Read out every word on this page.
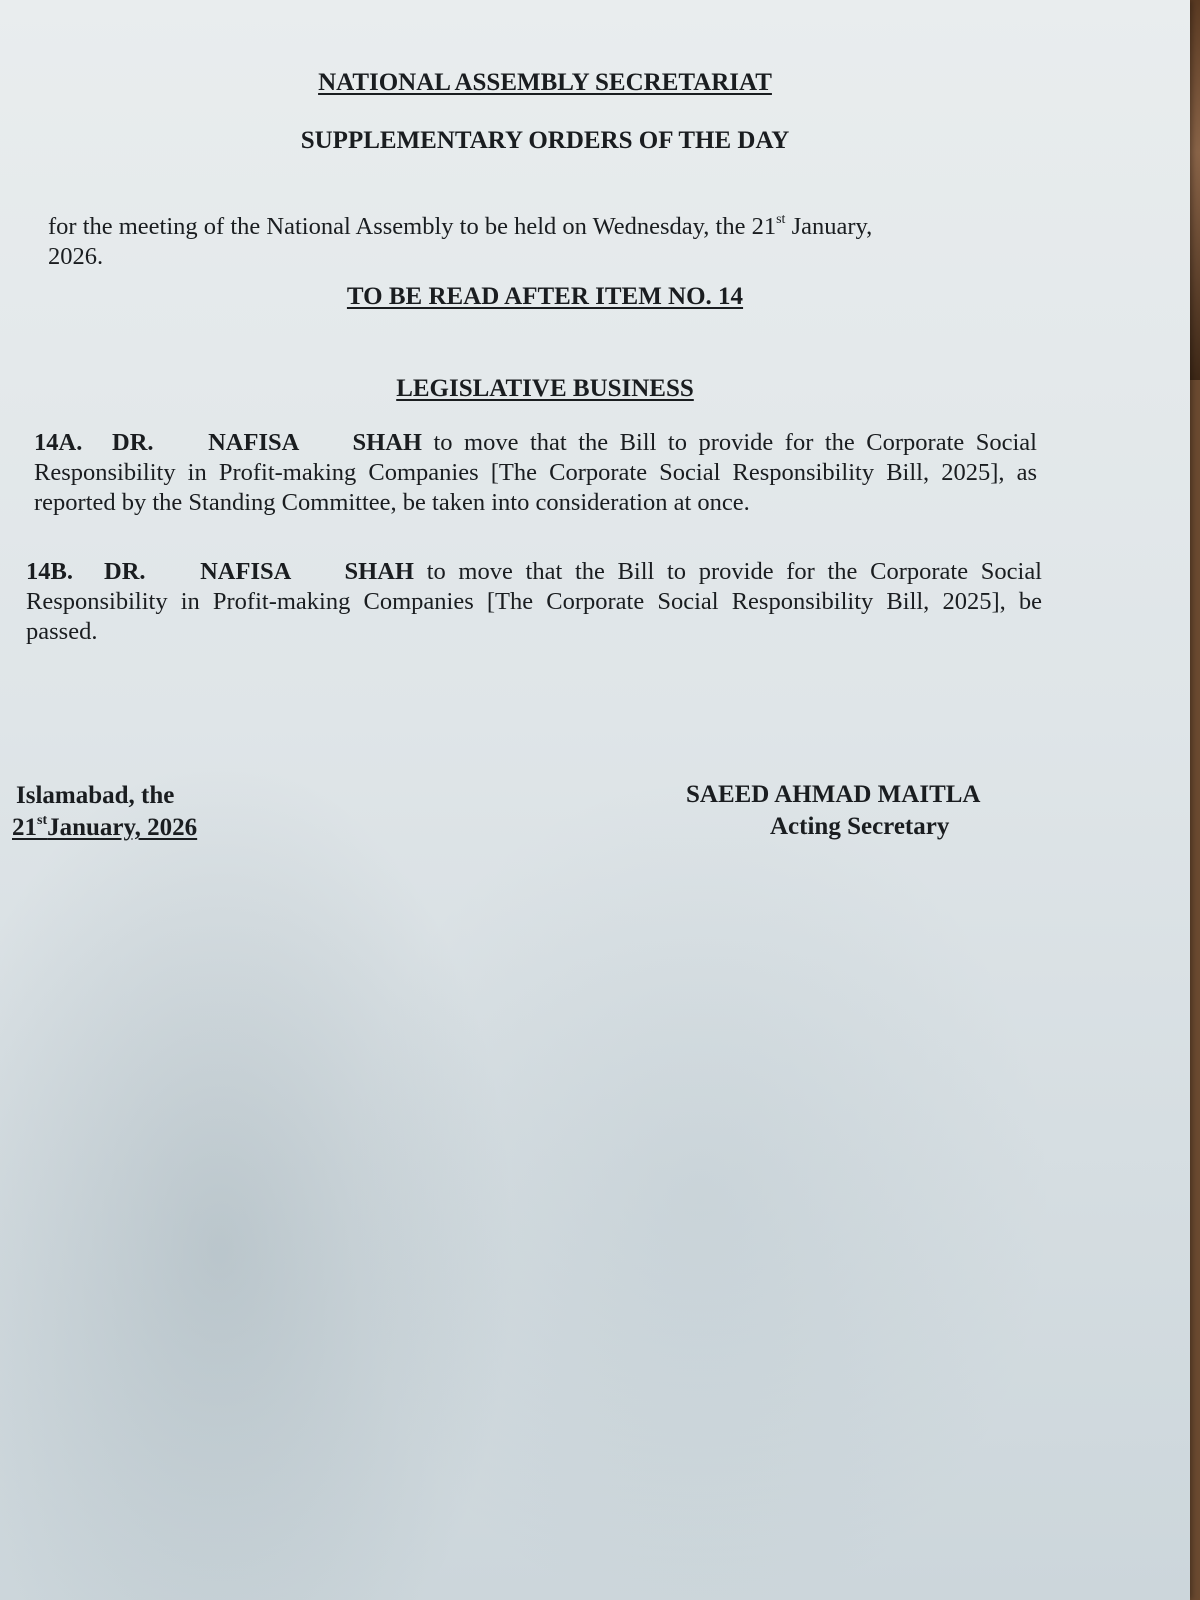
NATIONAL ASSEMBLY SECRETARIAT
SUPPLEMENTARY ORDERS OF THE DAY
for the meeting of the National Assembly to be held on Wednesday, the 21st January,
2026.
TO BE READ AFTER ITEM NO. 14
LEGISLATIVE BUSINESS
14A. DR. NAFISA SHAH to move that the Bill to provide for the Corporate Social
Responsibility in Profit-making Companies [The Corporate Social Responsibility Bill, 2025], as
reported by the Standing Committee, be taken into consideration at once.
14B. DR. NAFISA SHAH to move that the Bill to provide for the Corporate Social
Responsibility in Profit-making Companies [The Corporate Social Responsibility Bill, 2025], be
passed.
Islamabad, the
21stJanuary, 2026
SAEED AHMAD MAITLA
Acting Secretary
